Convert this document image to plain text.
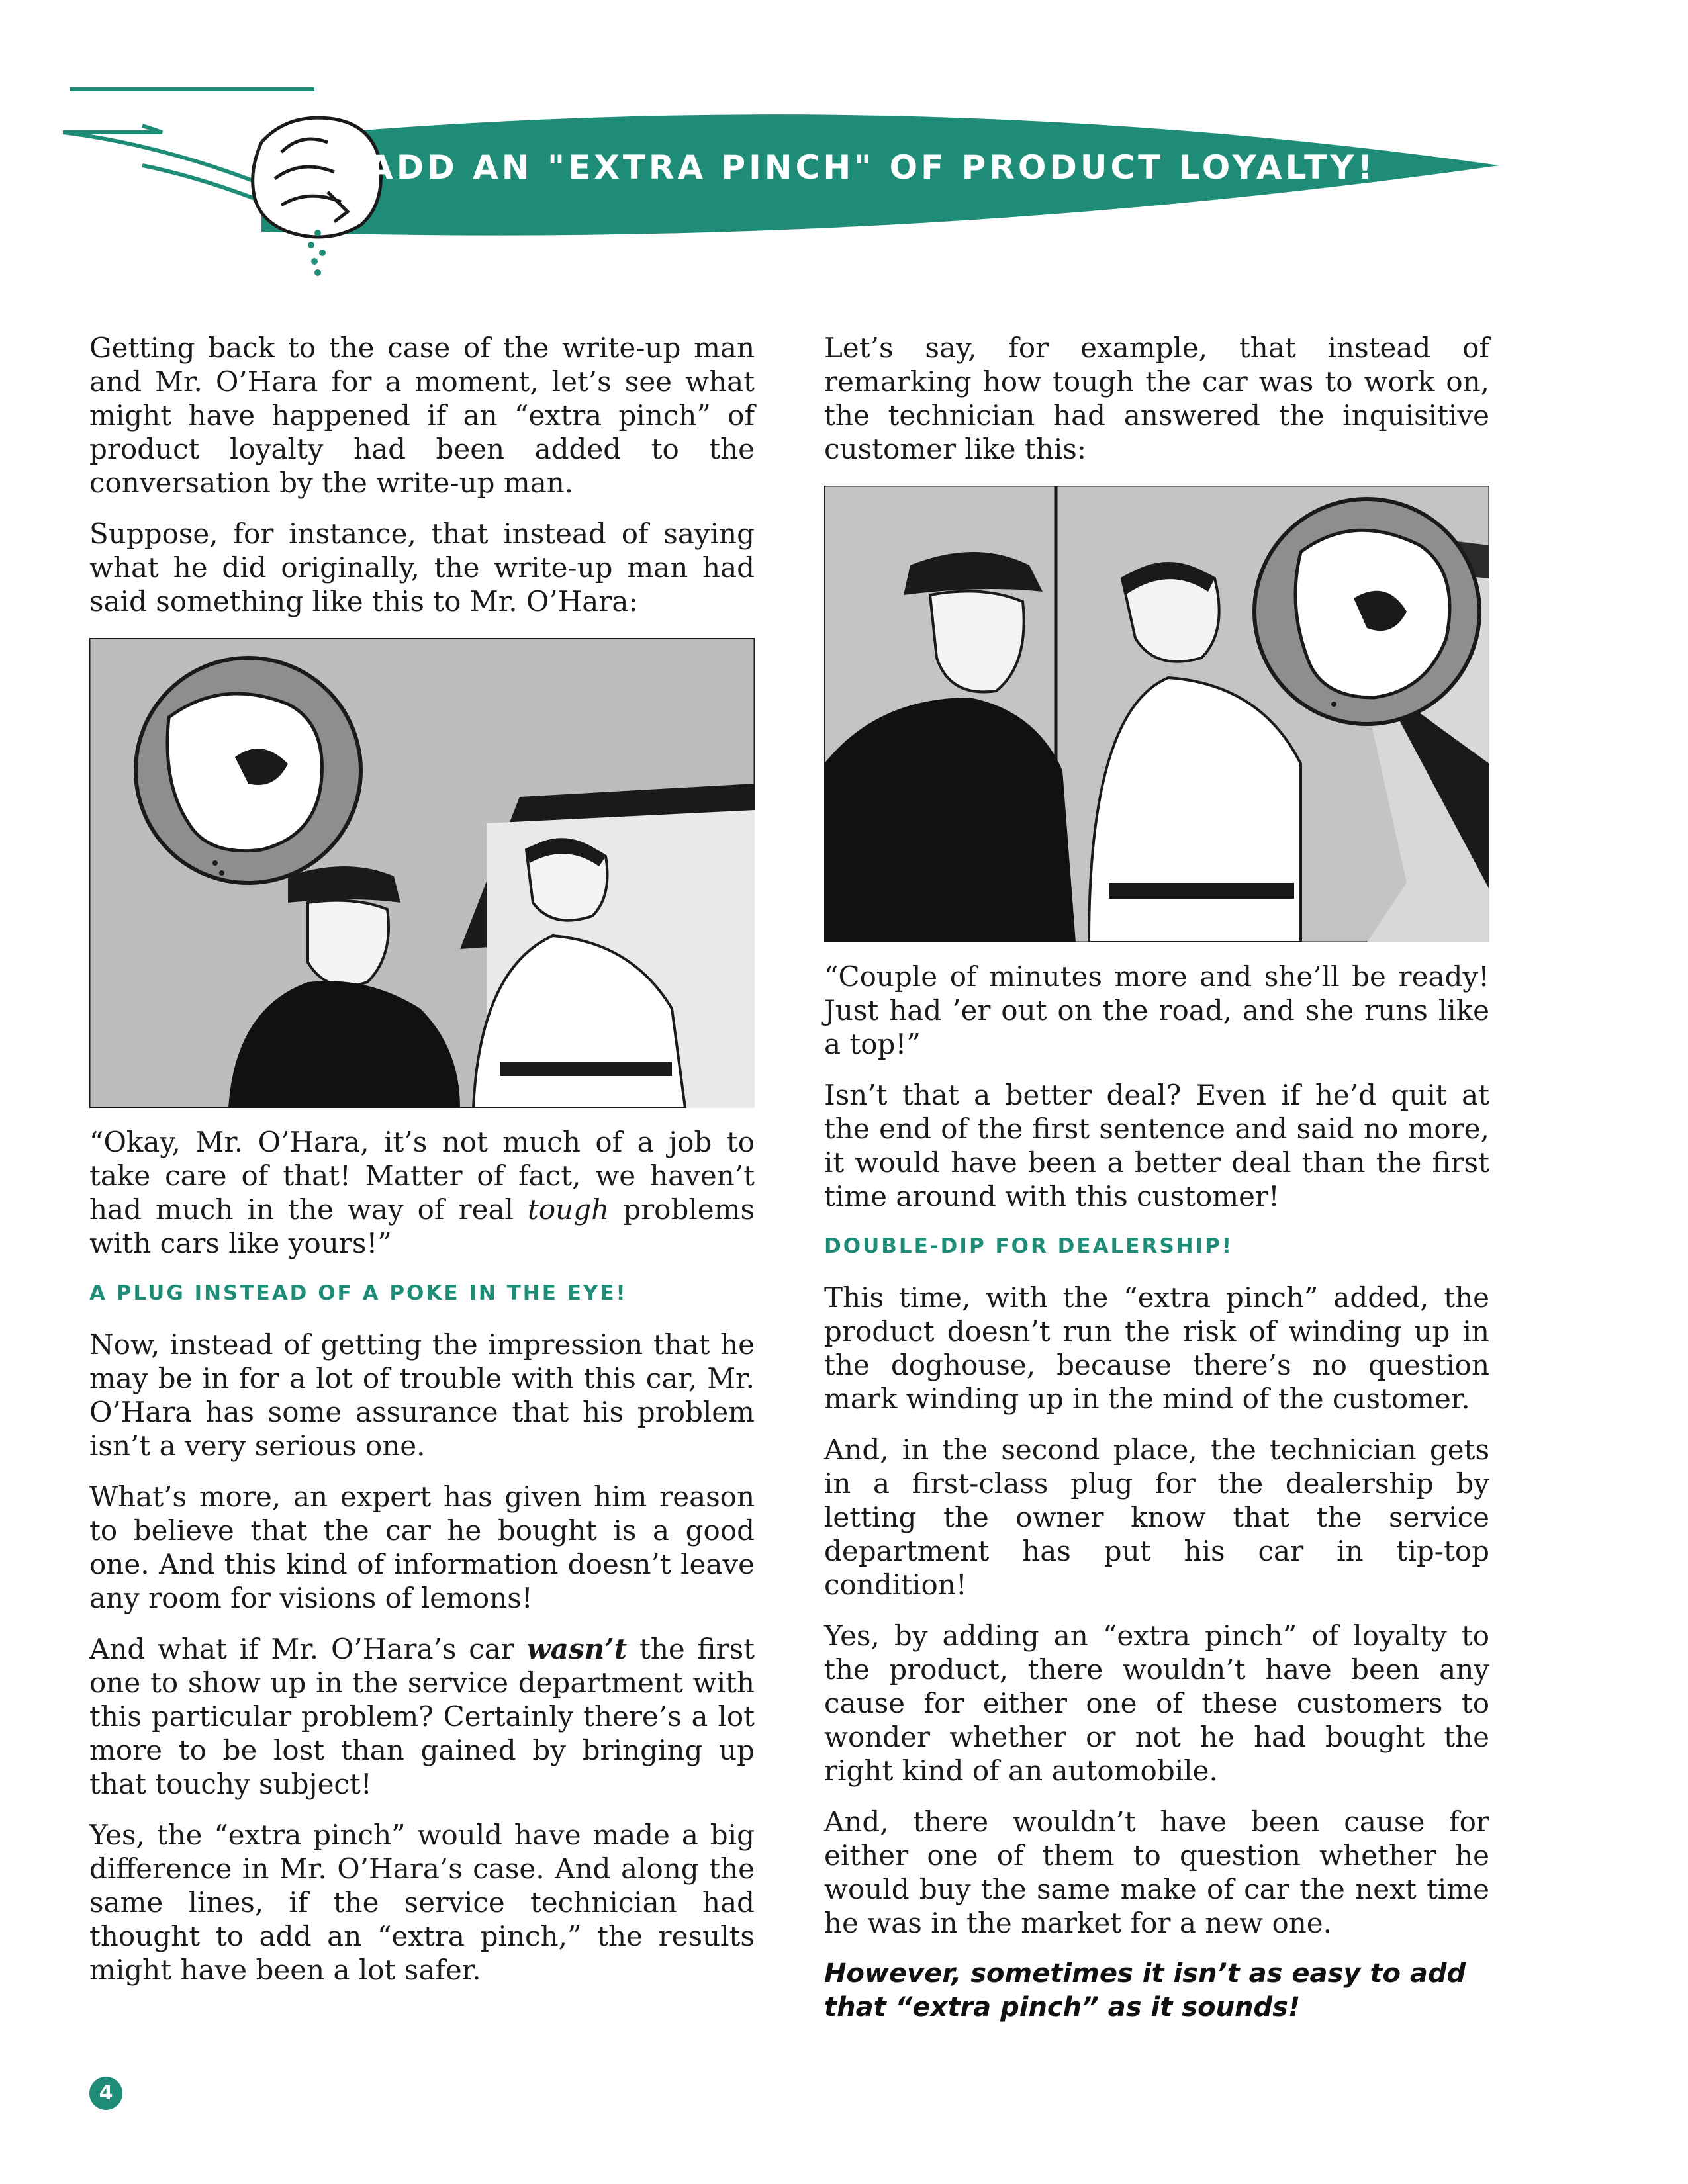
ADD AN "EXTRA PINCH" OF PRODUCT LOYALTY!

Getting back to the case of the write-up man and Mr. O’Hara for a moment, let’s see what might have happened if an “extra pinch” of product loyalty had been added to the conversation by the write-up man.

Suppose, for instance, that instead of saying what he did originally, the write-up man had said something like this to Mr. O’Hara:

“Okay, Mr. O’Hara, it’s not much of a job to take care of that! Matter of fact, we haven’t had much in the way of real tough problems with cars like yours!”

A PLUG INSTEAD OF A POKE IN THE EYE!

Now, instead of getting the impression that he may be in for a lot of trouble with this car, Mr. O’Hara has some assurance that his problem isn’t a very serious one.

What’s more, an expert has given him reason to believe that the car he bought is a good one. And this kind of information doesn’t leave any room for visions of lemons!

And what if Mr. O’Hara’s car wasn’t the first one to show up in the service department with this particular problem? Certainly there’s a lot more to be lost than gained by bringing up that touchy subject!

Yes, the “extra pinch” would have made a big difference in Mr. O’Hara’s case. And along the same lines, if the service technician had thought to add an “extra pinch,” the results might have been a lot safer.

Let’s say, for example, that instead of remarking how tough the car was to work on, the technician had answered the inquisitive customer like this:

“Couple of minutes more and she’ll be ready! Just had ’er out on the road, and she runs like a top!”

Isn’t that a better deal? Even if he’d quit at the end of the first sentence and said no more, it would have been a better deal than the first time around with this customer!

DOUBLE-DIP FOR DEALERSHIP!

This time, with the “extra pinch” added, the product doesn’t run the risk of winding up in the doghouse, because there’s no question mark winding up in the mind of the customer.

And, in the second place, the technician gets in a first-class plug for the dealership by letting the owner know that the service department has put his car in tip-top condition!

Yes, by adding an “extra pinch” of loyalty to the product, there wouldn’t have been any cause for either one of these customers to wonder whether or not he had bought the right kind of an automobile.

And, there wouldn’t have been cause for either one of them to question whether he would buy the same make of car the next time he was in the market for a new one.

However, sometimes it isn’t as easy to add that “extra pinch” as it sounds!

4
